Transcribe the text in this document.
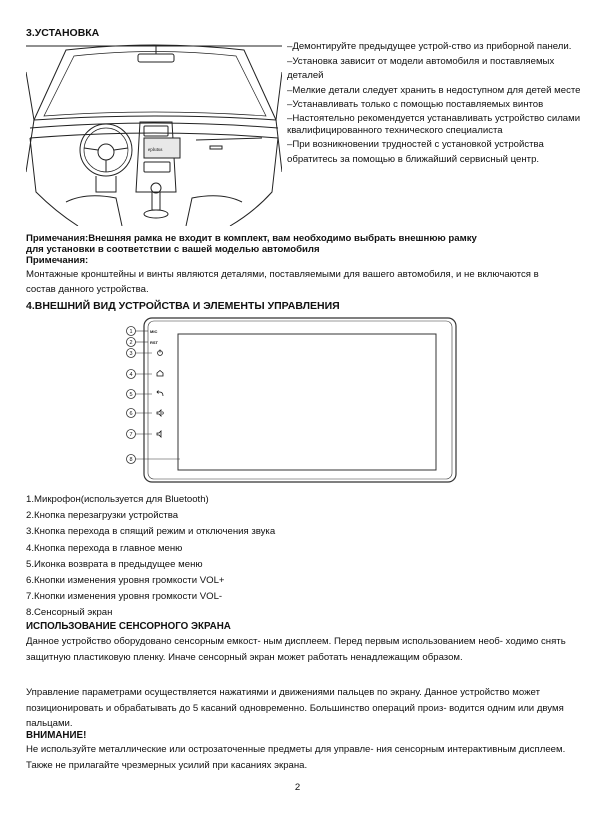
3.УСТАНОВКА
eplutus
–Демонтируйте предыдущее устрой-ство из приборной панели.
–Установка зависит от модели автомобиля и поставляемых деталей
–Мелкие детали следует хранить в недоступном для детей месте
–Устанавливать только с помощью поставляемых винтов
–Настоятельно рекомендуется устанавливать устройство силами квалифицированного технического специалиста
–При возникновении трудностей с установкой устройства обратитесь за помощью в ближайший сервисный центр.
Примечания:Внешняя рамка не входит в комплект, вам необходимо выбрать внешнюю рамку
для установки в соответствии с вашей моделью автомобиля
Примечания:
Монтажные кронштейны и винты являются деталями, поставляемыми для вашего автомобиля, и не включаются в состав данного устройства.
4.ВНЕШНИЙ ВИД УСТРОЙСТВА И ЭЛЕМЕНТЫ УПРАВЛЕНИЯ
1
2
3
4
5
6
7
8
MIC
RST
1.Микрофон(используется для Bluetooth)
2.Кнопка перезагрузки устройства
3.Кнопка перехода в спящий режим и отключения звука
4.Кнопка перехода в главное меню
5.Иконка возврата в предыдущее меню
6.Кнопки изменения уровня громкости VOL+
7.Кнопки изменения уровня громкости VOL-
8.Сенсорный экран
ИСПОЛЬЗОВАНИЕ СЕНСОРНОГО ЭКРАНА
Данное устройство оборудовано сенсорным емкост- ным дисплеем. Перед первым использованием необ- ходимо снять защитную пластиковую пленку. Иначе сенсорный экран может работать ненадлежащим образом.
Управление параметрами осуществляется нажатиями и движениями пальцев по экрану. Данное устройство может позиционировать и обрабатывать до 5 касаний одновременно. Большинство операций произ- водится одним или двумя пальцами.
ВНИМАНИЕ!
Не используйте металлические или острозаточенные предметы для управле- ния сенсорным интерактивным дисплеем. Также не прилагайте чрезмерных усилий при касаниях экрана.
2
